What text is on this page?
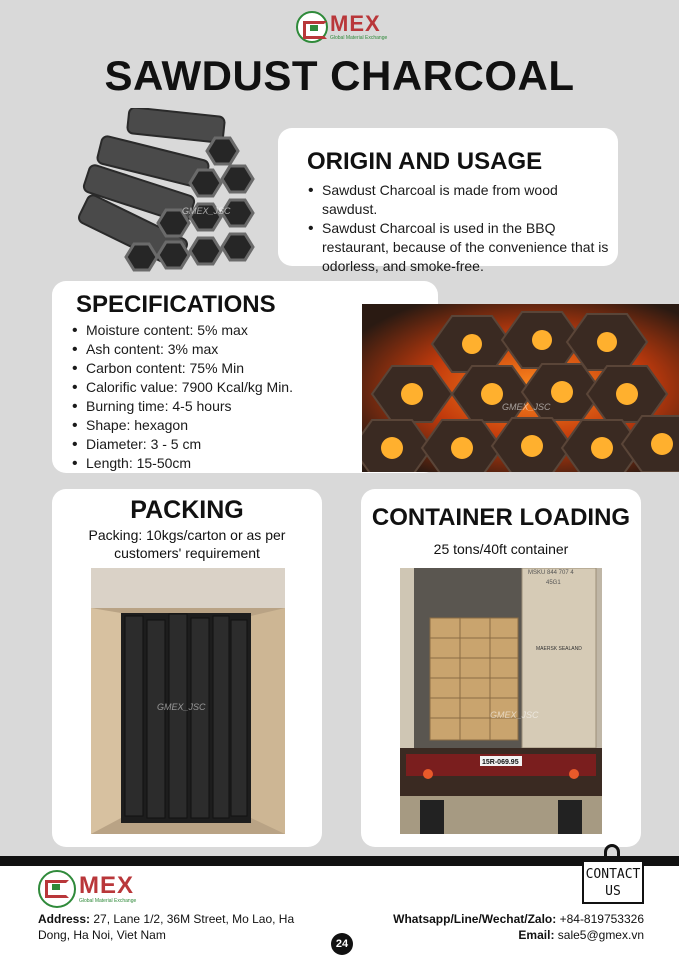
MEX
Global Material Exchange
SAWDUST CHARCOAL
GMEX_JSC
ORIGIN AND USAGE
• Sawdust Charcoal is made from wood sawdust.
• Sawdust Charcoal is used in the BBQ restaurant, because of the convenience that is odorless, and smoke-free.
SPECIFICATIONS
• Moisture content: 5% max
• Ash content: 3% max
• Carbon content: 75% Min
• Calorific value: 7900 Kcal/kg Min.
• Burning time: 4-5 hours
• Shape: hexagon
• Diameter: 3 - 5 cm
• Length: 15-50cm
GMEX_JSC
PACKING

Packing: 10kgs/carton or as per customers' requirement

GMEX_JSC
CONTAINER LOADING

25 tons/40ft container

MSKU 844 707 4
45G1
MAERSK SEALAND
15R-069.95
GMEX_JSC
MEX
Global Material Exchange
Address: 27, Lane 1/2, 36M Street, Mo Lao, Ha
Dong, Ha Noi, Viet Nam
Whatsapp/Line/Wechat/Zalo: +84-819753326
Email: sale5@gmex.vn
CONTACT
US
24
